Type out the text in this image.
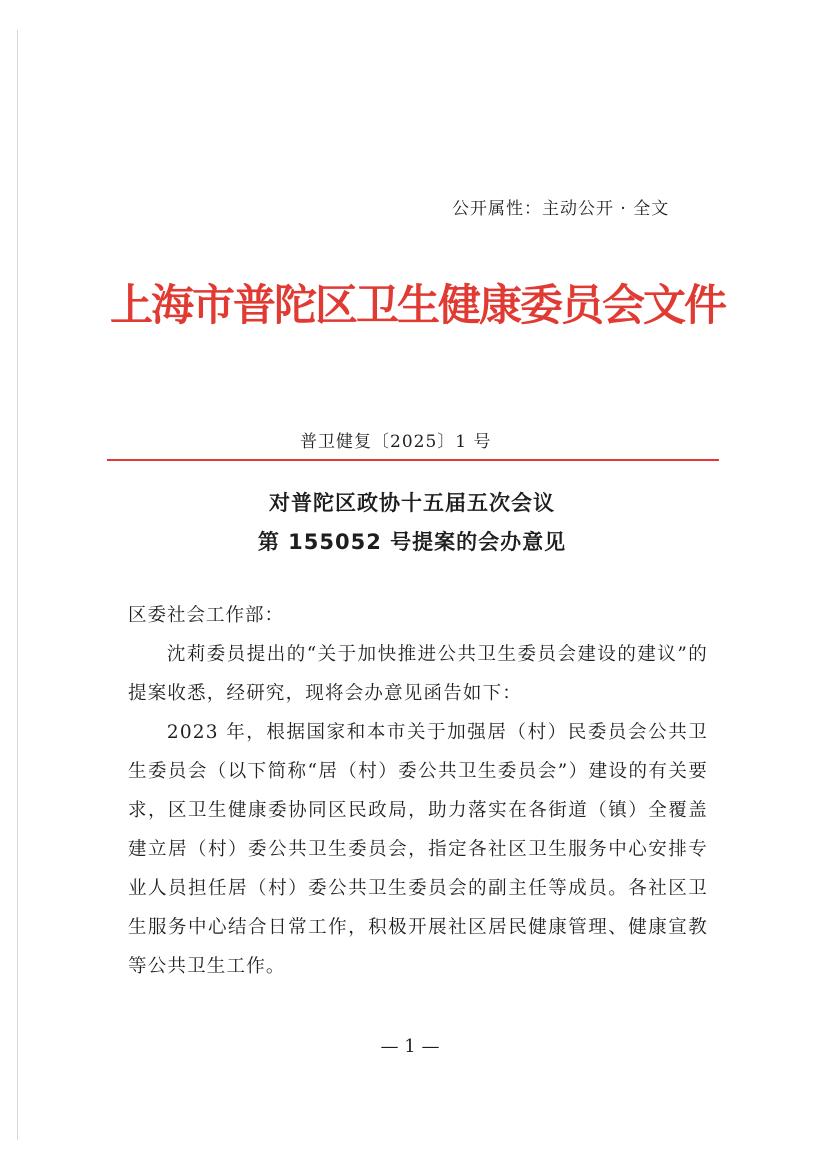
公开属性：主动公开 · 全文
上海市普陀区卫生健康委员会文件
普卫健复〔2025〕1 号
对普陀区政协十五届五次会议
第 155052 号提案的会办意见

区委社会工作部：

沈莉委员提出的“关于加快推进公共卫生委员会建设的建议”的提案收悉，经研究，现将会办意见函告如下：

2023 年，根据国家和本市关于加强居（村）民委员会公共卫生委员会（以下简称“居（村）委公共卫生委员会”）建设的有关要求，区卫生健康委协同区民政局，助力落实在各街道（镇）全覆盖建立居（村）委公共卫生委员会，指定各社区卫生服务中心安排专业人员担任居（村）委公共卫生委员会的副主任等成员。各社区卫生服务中心结合日常工作，积极开展社区居民健康管理、健康宣教等公共卫生工作。

— 1 —
